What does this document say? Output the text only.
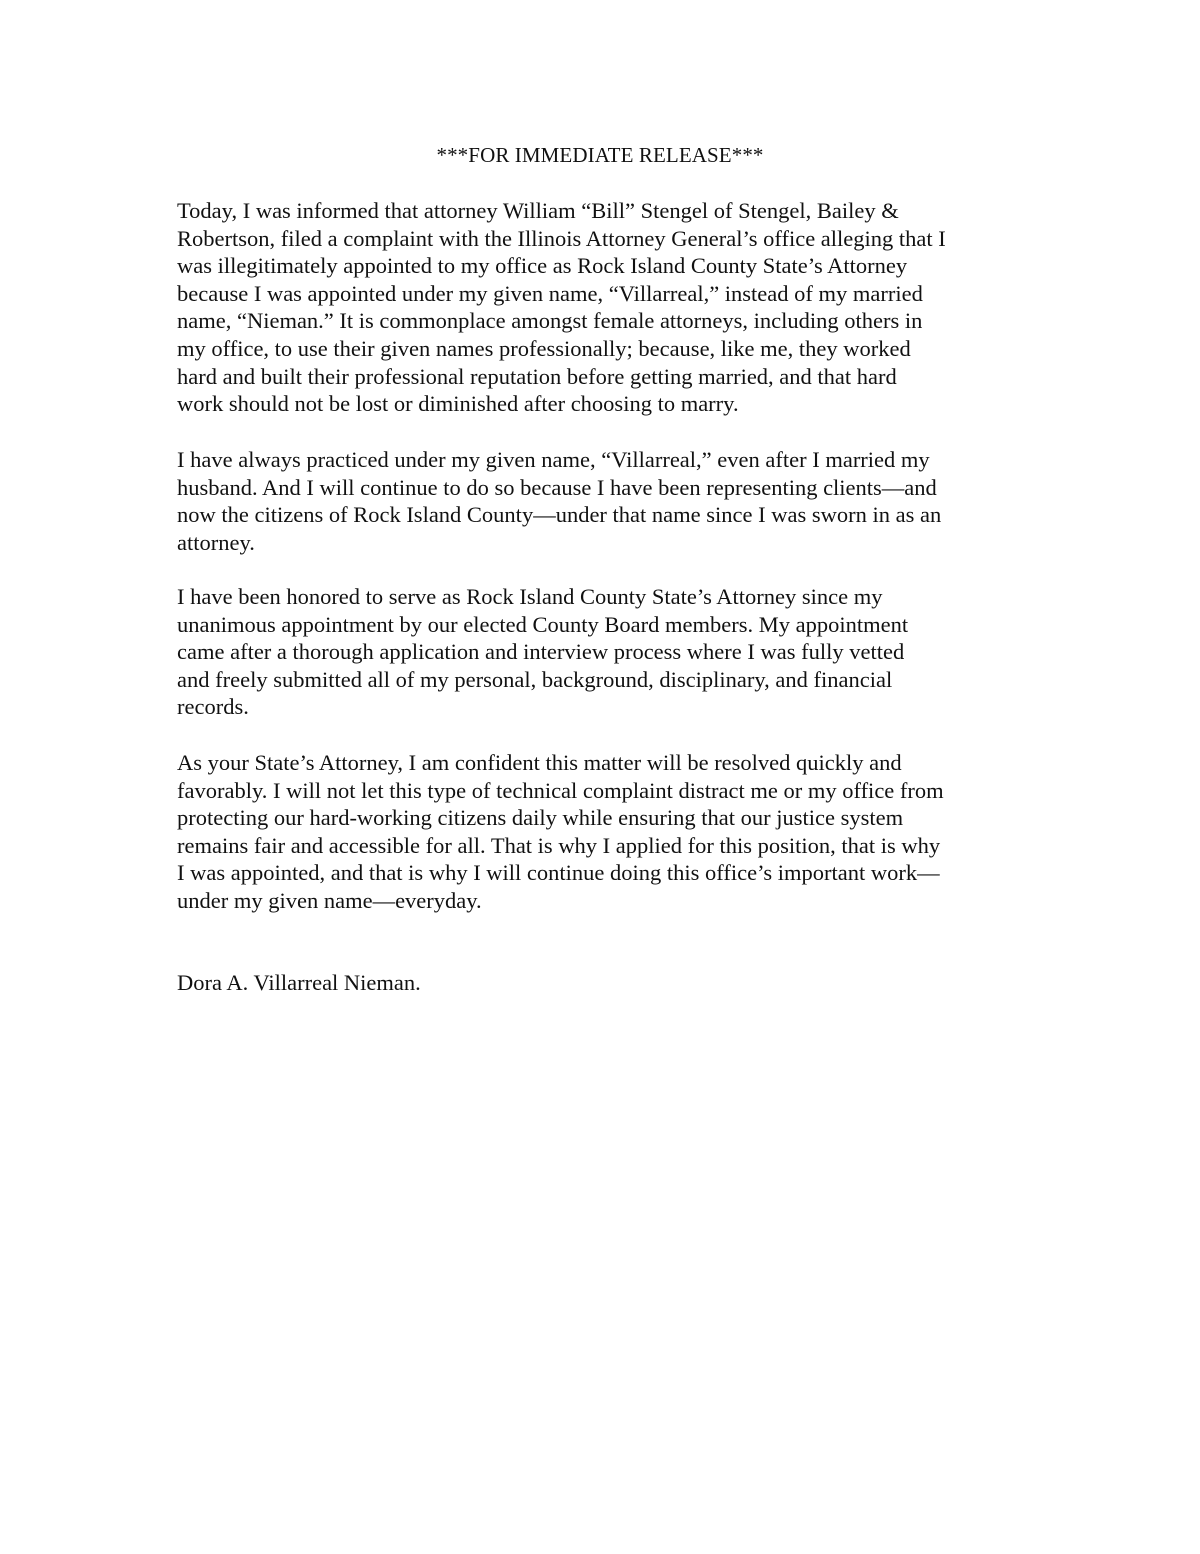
***FOR IMMEDIATE RELEASE***

Today, I was informed that attorney William “Bill” Stengel of Stengel, Bailey &
Robertson, filed a complaint with the Illinois Attorney General’s office alleging that I
was illegitimately appointed to my office as Rock Island County State’s Attorney
because I was appointed under my given name, “Villarreal,” instead of my married
name, “Nieman.” It is commonplace amongst female attorneys, including others in
my office, to use their given names professionally; because, like me, they worked
hard and built their professional reputation before getting married, and that hard
work should not be lost or diminished after choosing to marry.

I have always practiced under my given name, “Villarreal,” even after I married my
husband. And I will continue to do so because I have been representing clients—and
now the citizens of Rock Island County—under that name since I was sworn in as an
attorney.

I have been honored to serve as Rock Island County State’s Attorney since my
unanimous appointment by our elected County Board members. My appointment
came after a thorough application and interview process where I was fully vetted
and freely submitted all of my personal, background, disciplinary, and financial
records.

As your State’s Attorney, I am confident this matter will be resolved quickly and
favorably. I will not let this type of technical complaint distract me or my office from
protecting our hard-working citizens daily while ensuring that our justice system
remains fair and accessible for all. That is why I applied for this position, that is why
I was appointed, and that is why I will continue doing this office’s important work—
under my given name—everyday.

Dora A. Villarreal Nieman.
